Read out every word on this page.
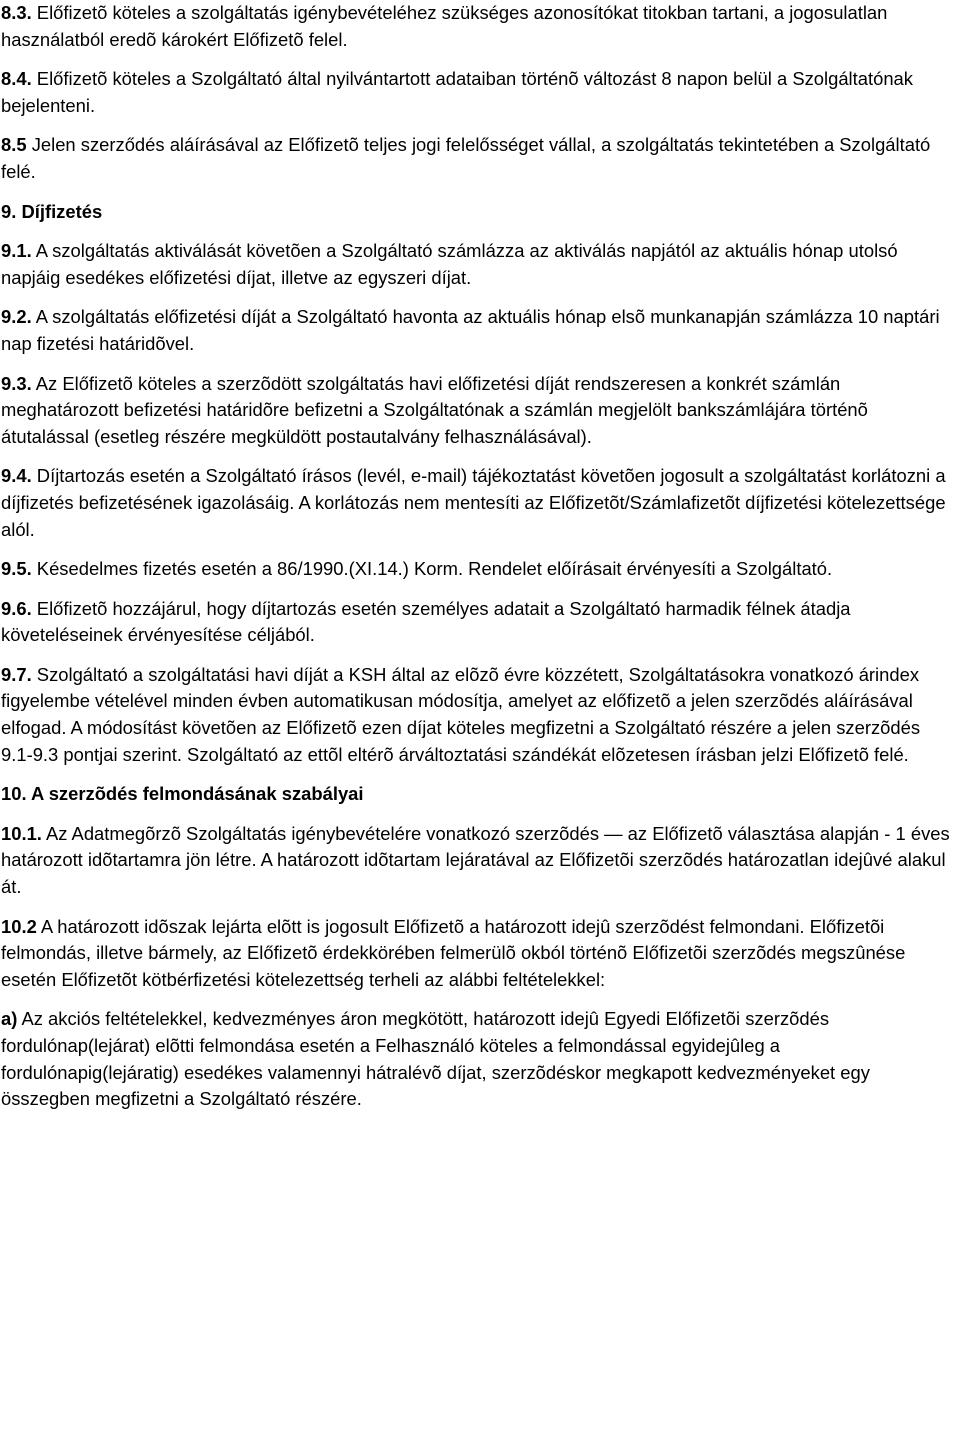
8.3. Előfizetõ köteles a szolgáltatás igénybevételéhez szükséges azonosítókat titokban tartani, a jogosulatlan használatból eredõ károkért Előfizetõ felel.

8.4. Előfizetõ köteles a Szolgáltató által nyilvántartott adataiban történõ változást 8 napon belül a Szolgáltatónak bejelenteni.

8.5 Jelen szerződés aláírásával az Előfizetõ teljes jogi felelősséget vállal, a szolgáltatás tekintetében a Szolgáltató felé.

9. Díjfizetés

9.1. A szolgáltatás aktiválását követõen a Szolgáltató számlázza az aktiválás napjától az aktuális hónap utolsó napjáig esedékes előfizetési díjat, illetve az egyszeri díjat.

9.2. A szolgáltatás előfizetési díját a Szolgáltató havonta az aktuális hónap elsõ munkanapján számlázza 10 naptári nap fizetési határidõvel.

9.3. Az Előfizetõ köteles a szerzõdött szolgáltatás havi előfizetési díját rendszeresen a konkrét számlán meghatározott befizetési határidõre befizetni a Szolgáltatónak a számlán megjelölt bankszámlájára történõ átutalással (esetleg részére megküldött postautalvány felhasználásával).

9.4. Díjtartozás esetén a Szolgáltató írásos (levél, e-mail) tájékoztatást követõen jogosult a szolgáltatást korlátozni a díjfizetés befizetésének igazolásáig. A korlátozás nem mentesíti az Előfizetõt/Számlafizetõt díjfizetési kötelezettsége alól.

9.5. Késedelmes fizetés esetén a 86/1990.(XI.14.) Korm. Rendelet előírásait érvényesíti a Szolgáltató.

9.6. Előfizetõ hozzájárul, hogy díjtartozás esetén személyes adatait a Szolgáltató harmadik félnek átadja követeléseinek érvényesítése céljából.

9.7. Szolgáltató a szolgáltatási havi díját a KSH által az elõzõ évre közzétett, Szolgáltatásokra vonatkozó árindex figyelembe vételével minden évben automatikusan módosítja, amelyet az előfizetõ a jelen szerzõdés aláírásával elfogad. A módosítást követõen az Előfizetõ ezen díjat köteles megfizetni a Szolgáltató részére a jelen szerzõdés 9.1-9.3 pontjai szerint. Szolgáltató az ettõl eltérõ árváltoztatási szándékát elõzetesen írásban jelzi Előfizetõ felé.

10. A szerzõdés felmondásának szabályai

10.1. Az Adatmegõrzõ Szolgáltatás igénybevételére vonatkozó szerzõdés — az Előfizetõ választása alapján - 1 éves határozott idõtartamra jön létre. A határozott idõtartam lejáratával az Előfizetõi szerzõdés határozatlan idejûvé alakul át.

10.2 A határozott idõszak lejárta elõtt is jogosult Előfizetõ a határozott idejû szerzõdést felmondani. Előfizetõi felmondás, illetve bármely, az Előfizetõ érdekkörében felmerülõ okból történõ Előfizetõi szerzõdés megszûnése esetén Előfizetõt kötbérfizetési kötelezettség terheli az alábbi feltételekkel:

a) Az akciós feltételekkel, kedvezményes áron megkötött, határozott idejû Egyedi Előfizetõi szerzõdés fordulónap(lejárat) elõtti felmondása esetén a Felhasználó köteles a felmondással egyidejûleg a fordulónapig(lejáratig) esedékes valamennyi hátralévõ díjat, szerzõdéskor megkapott kedvezményeket egy összegben megfizetni a Szolgáltató részére.
